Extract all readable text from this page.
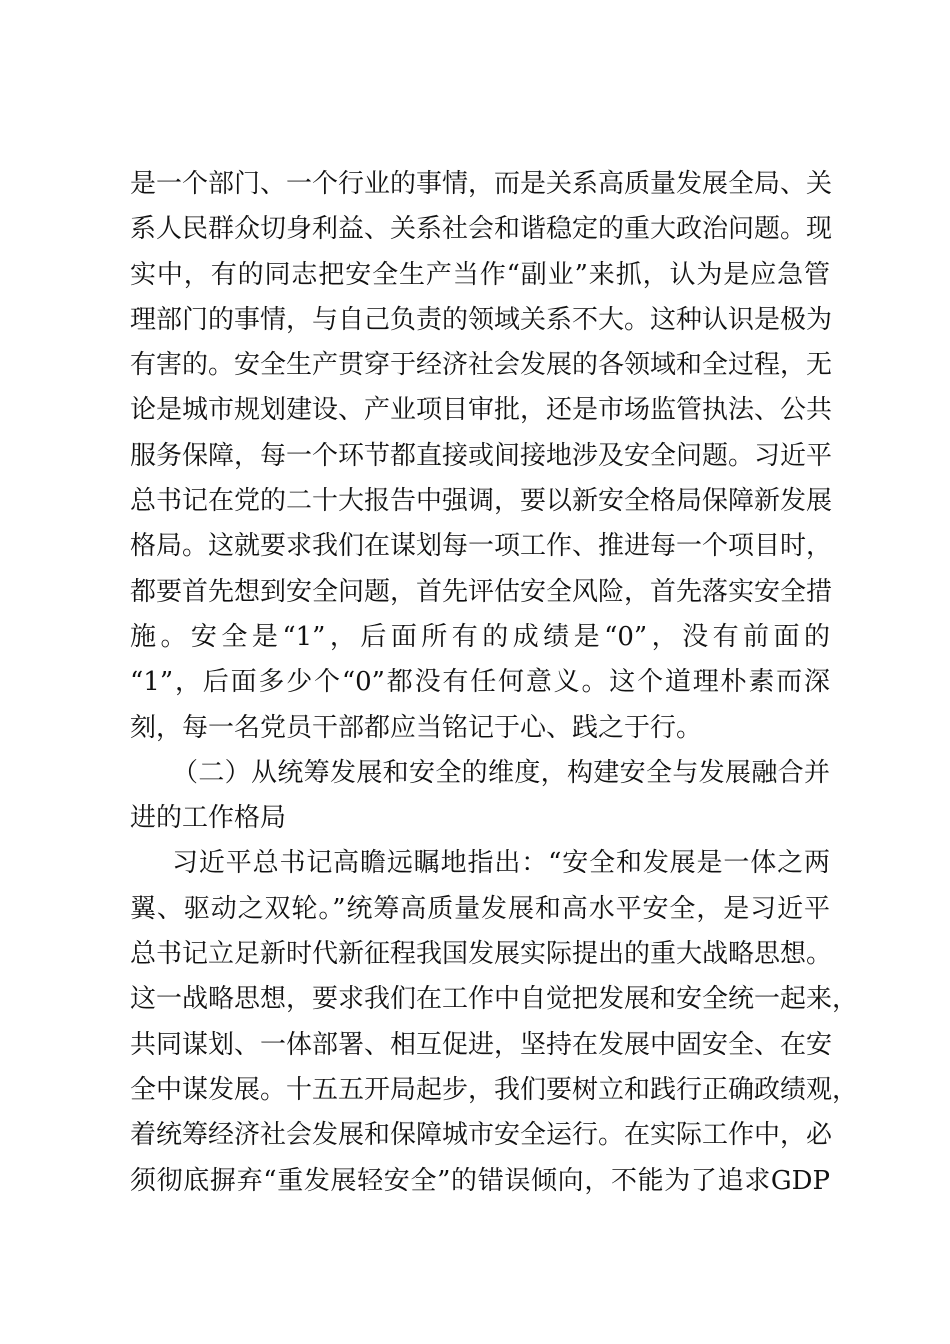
是一个部门、一个行业的事情，而是关系高质量发展全局、关
系人民群众切身利益、关系社会和谐稳定的重大政治问题。现
实中，有的同志把安全生产当作“副业”来抓，认为是应急管
理部门的事情，与自己负责的领域关系不大。这种认识是极为
有害的。安全生产贯穿于经济社会发展的各领域和全过程，无
论是城市规划建设、产业项目审批，还是市场监管执法、公共
服务保障，每一个环节都直接或间接地涉及安全问题。习近平
总书记在党的二十大报告中强调，要以新安全格局保障新发展
格局。这就要求我们在谋划每一项工作、推进每一个项目时，
都要首先想到安全问题，首先评估安全风险，首先落实安全措
施。安全是“1”，后面所有的成绩是“0”，没有前面的
“1”，后面多少个“0”都没有任何意义。这个道理朴素而深
刻，每一名党员干部都应当铭记于心、践之于行。
（二）从统筹发展和安全的维度，构建安全与发展融合并
进的工作格局
习近平总书记高瞻远瞩地指出：“安全和发展是一体之两
翼、驱动之双轮。”统筹高质量发展和高水平安全，是习近平
总书记立足新时代新征程我国发展实际提出的重大战略思想。
这一战略思想，要求我们在工作中自觉把发展和安全统一起来，
共同谋划、一体部署、相互促进，坚持在发展中固安全、在安
全中谋发展。十五五开局起步，我们要树立和践行正确政绩观，
着统筹经济社会发展和保障城市安全运行。在实际工作中，必
须彻底摒弃“重发展轻安全”的错误倾向，不能为了追求GDP
